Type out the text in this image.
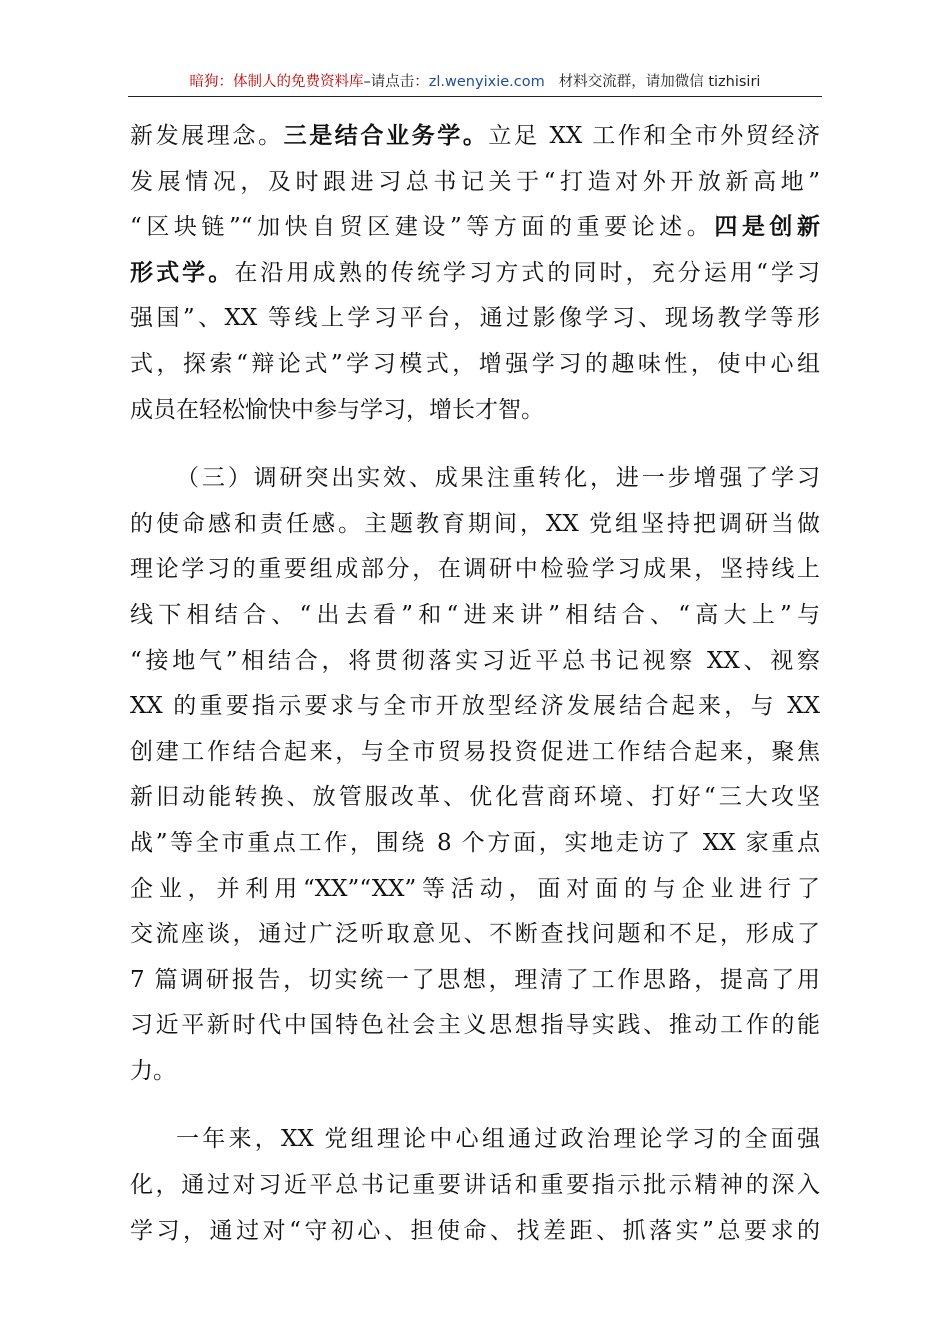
暗狗：体制人的免费资料库–请点击：zl.wenyixie.com 材料交流群，请加微信 tizhisiri
新发展理念。三是结合业务学。立足 XX 工作和全市外贸经济
发展情况，及时跟进习总书记关于“打造对外开放新高地”
“区块链”“加快自贸区建设”等方面的重要论述。四是创新
形式学。在沿用成熟的传统学习方式的同时，充分运用“学习
强国”、XX 等线上学习平台，通过影像学习、现场教学等形
式，探索“辩论式”学习模式，增强学习的趣味性，使中心组
成员在轻松愉快中参与学习，增长才智。
（三）调研突出实效、成果注重转化，进一步增强了学习
的使命感和责任感。主题教育期间，XX 党组坚持把调研当做
理论学习的重要组成部分，在调研中检验学习成果，坚持线上
线下相结合、“出去看”和“进来讲”相结合、“高大上”与
“接地气”相结合，将贯彻落实习近平总书记视察 XX、视察
XX 的重要指示要求与全市开放型经济发展结合起来，与 XX
创建工作结合起来，与全市贸易投资促进工作结合起来，聚焦
新旧动能转换、放管服改革、优化营商环境、打好“三大攻坚
战”等全市重点工作，围绕 8 个方面，实地走访了 XX 家重点
企业，并利用“XX”“XX”等活动，面对面的与企业进行了
交流座谈，通过广泛听取意见、不断查找问题和不足，形成了
7 篇调研报告，切实统一了思想，理清了工作思路，提高了用
习近平新时代中国特色社会主义思想指导实践、推动工作的能
力。
一年来，XX 党组理论中心组通过政治理论学习的全面强
化，通过对习近平总书记重要讲话和重要指示批示精神的深入
学习，通过对“守初心、担使命、找差距、抓落实”总要求的
